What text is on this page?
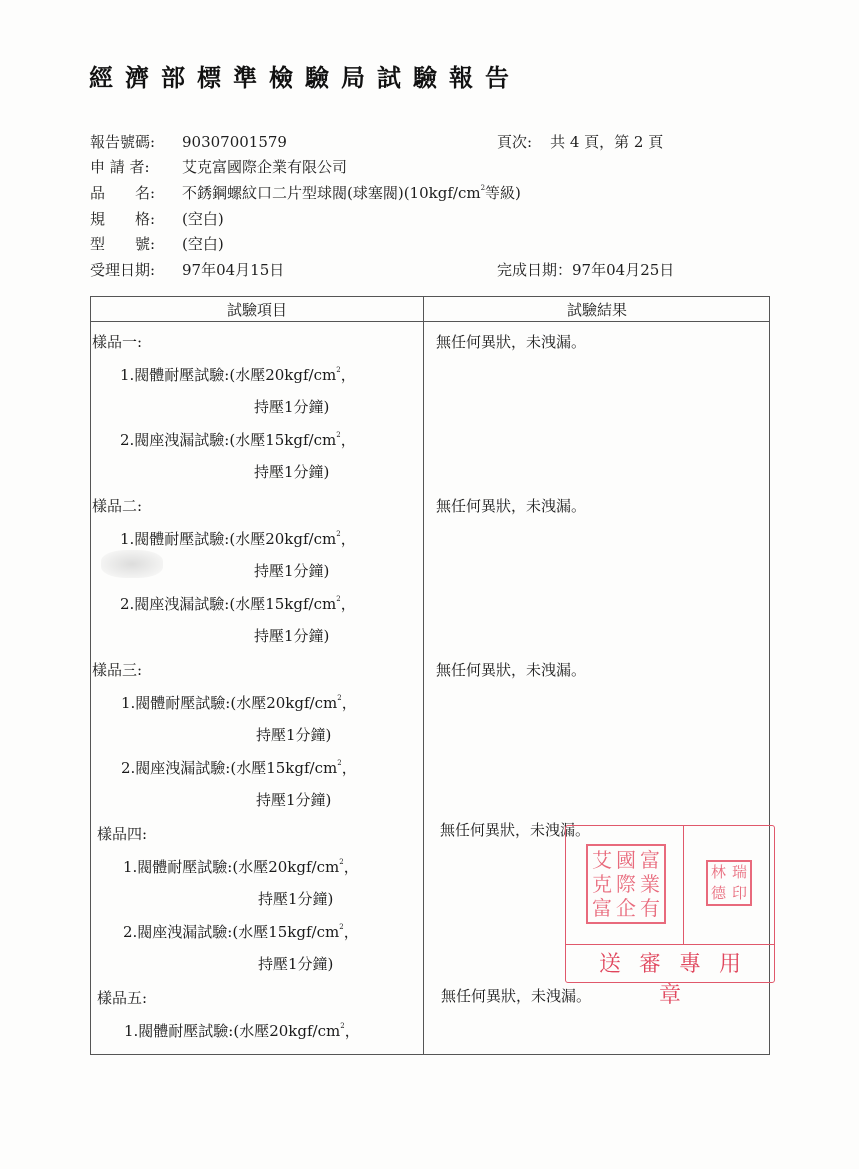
經濟部標準檢驗局試驗報告
報告號碼: 90307001579	頁次: 共 4 頁，第 2 頁
申 請 者: 艾克富國際企業有限公司
品　　名: 不銹鋼螺紋口二片型球閥(球塞閥)($10kgf/cm^2$等級)
規　　格: (空白)
型　　號: (空白)
受理日期: 97年04月15日	完成日期：97年04月25日
試驗項目	試驗結果
樣品一:
1.閥體耐壓試驗:(水壓$20kgf/cm^2$，
持壓1分鐘)
2.閥座洩漏試驗:(水壓$15kgf/cm^2$，
持壓1分鐘)
無任何異狀，未洩漏。
樣品二:
1.閥體耐壓試驗:(水壓$20kgf/cm^2$，
持壓1分鐘)
2.閥座洩漏試驗:(水壓$15kgf/cm^2$，
持壓1分鐘)
無任何異狀，未洩漏。
樣品三:
1.閥體耐壓試驗:(水壓$20kgf/cm^2$，
持壓1分鐘)
2.閥座洩漏試驗:(水壓$15kgf/cm^2$，
持壓1分鐘)
無任何異狀，未洩漏。
樣品四:
1.閥體耐壓試驗:(水壓$20kgf/cm^2$，
持壓1分鐘)
2.閥座洩漏試驗:(水壓$15kgf/cm^2$，
持壓1分鐘)
無任何異狀，未洩漏。
樣品五:
1.閥體耐壓試驗:(水壓$20kgf/cm^2$，
無任何異狀，未洩漏。
艾 國 富
克 際 業
富 企 有
林 瑞
德 印
送審專用章
